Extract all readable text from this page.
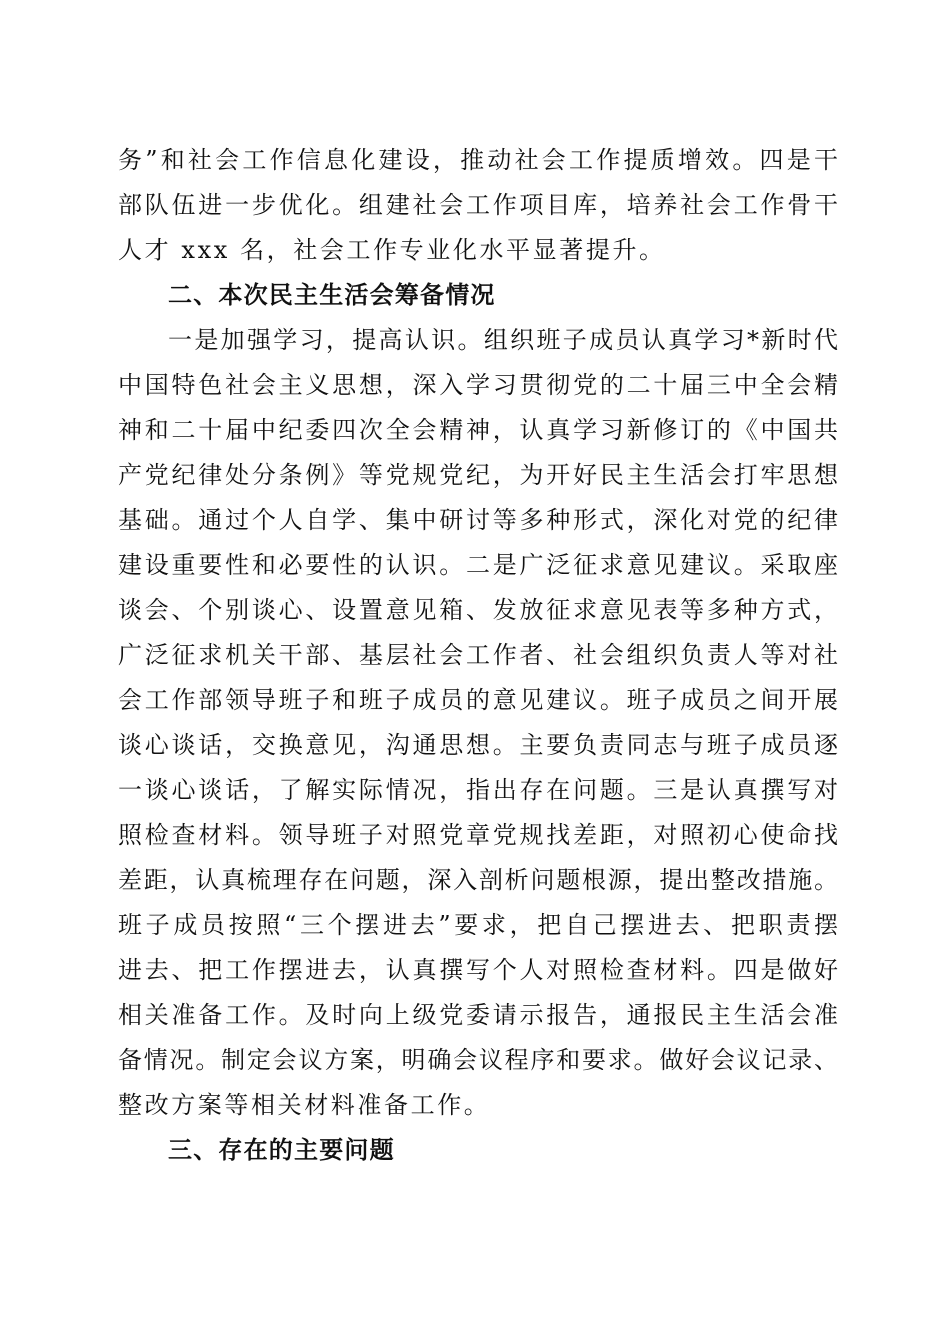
务”和社会工作信息化建设，推动社会工作提质增效。四是干
部队伍进一步优化。组建社会工作项目库，培养社会工作骨干
人才 xxx 名，社会工作专业化水平显著提升。
二、本次民主生活会筹备情况
一是加强学习，提高认识。组织班子成员认真学习*新时代
中国特色社会主义思想，深入学习贯彻党的二十届三中全会精
神和二十届中纪委四次全会精神，认真学习新修订的《中国共
产党纪律处分条例》等党规党纪，为开好民主生活会打牢思想
基础。通过个人自学、集中研讨等多种形式，深化对党的纪律
建设重要性和必要性的认识。二是广泛征求意见建议。采取座
谈会、个别谈心、设置意见箱、发放征求意见表等多种方式，
广泛征求机关干部、基层社会工作者、社会组织负责人等对社
会工作部领导班子和班子成员的意见建议。班子成员之间开展
谈心谈话，交换意见，沟通思想。主要负责同志与班子成员逐
一谈心谈话，了解实际情况，指出存在问题。三是认真撰写对
照检查材料。领导班子对照党章党规找差距，对照初心使命找
差距，认真梳理存在问题，深入剖析问题根源，提出整改措施。
班子成员按照“三个摆进去”要求，把自己摆进去、把职责摆
进去、把工作摆进去，认真撰写个人对照检查材料。四是做好
相关准备工作。及时向上级党委请示报告，通报民主生活会准
备情况。制定会议方案，明确会议程序和要求。做好会议记录、
整改方案等相关材料准备工作。
三、存在的主要问题
